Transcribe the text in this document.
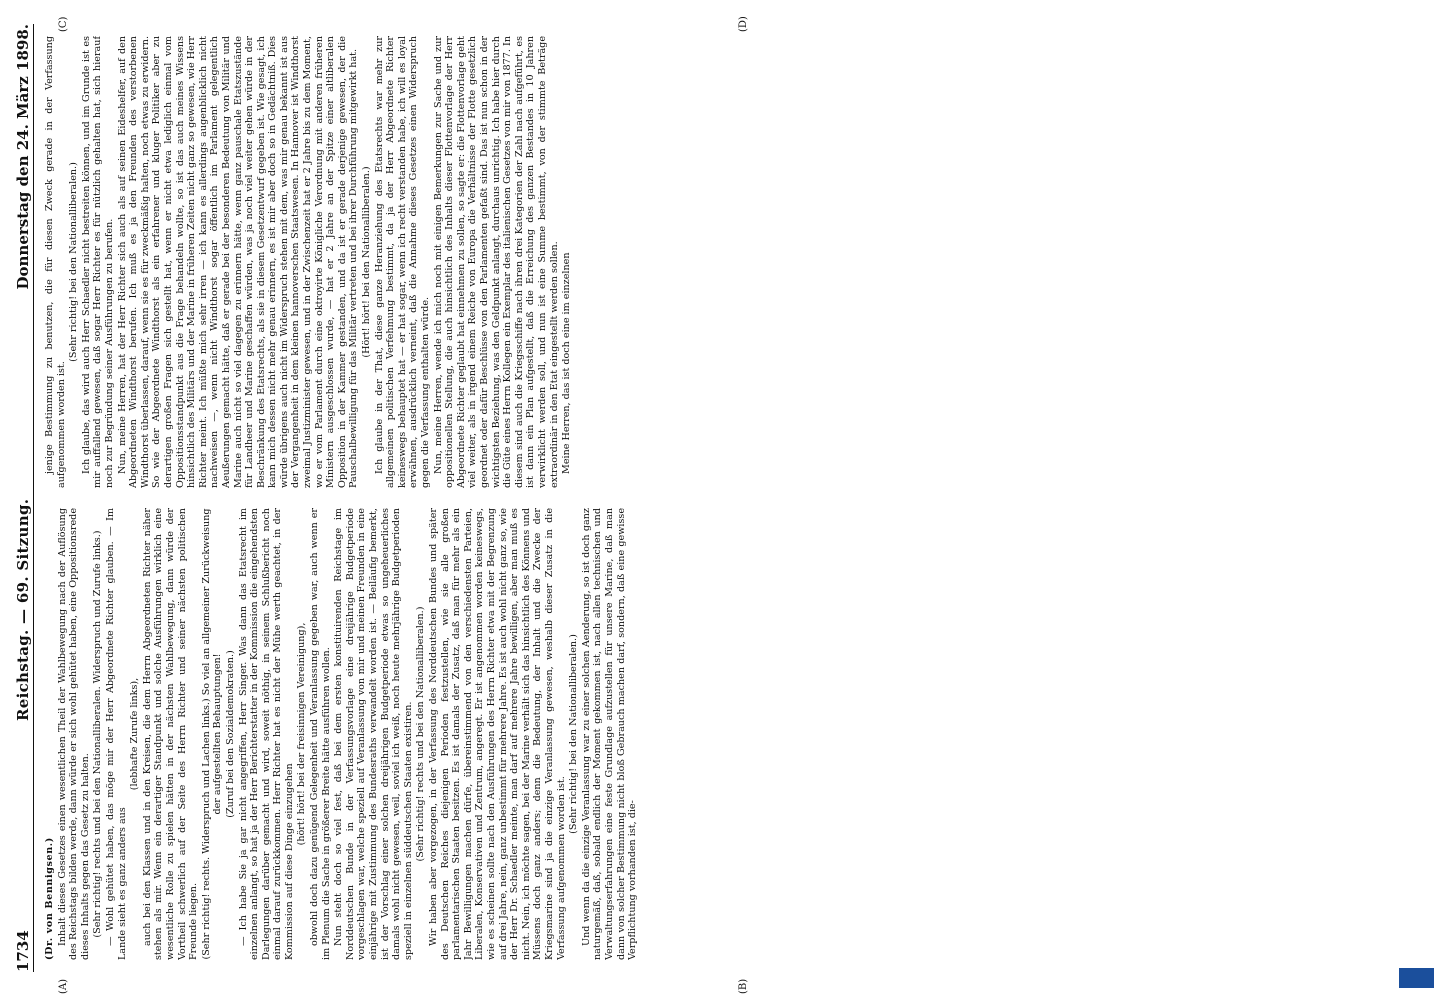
1734
Reichstag. — 69. Sitzung.
Donnerstag den 24. März 1898.
(A)	(B)
(C)	(D)

(Dr. von Bennigsen.) Inhalt dieses Gesetzes einen wesentlichen Theil der Wahlbewegung nach der Auflösung des Reichstags bilden werde, dann würde er sich wohl gehütet haben, eine Oppositionsrede dieses Inhalts gegen das Gesetz zu halten. (Sehr richtig! rechts und bei den Nationalliberalen. Widerspruch und Zurufe links.) — Wohl gehütet haben, das möge mir der Herr Abgeordnete Richter glauben. — Im Lande sieht es ganz anders aus

(lebhafte Zurufe links), auch bei den Klassen und in den Kreisen, die dem Herrn Abgeordneten Richter näher stehen als mir. Wenn ein derartiger Standpunkt und solche Ausführungen wirklich eine wesentliche Rolle zu spielen hätten in der nächsten Wahlbewegung, dann würde der Vortheil schwerlich auf der Seite des Herrn Richter und seiner nächsten politischen Freunde liegen. (Sehr richtig! rechts. Widerspruch und Lachen links.) So viel an allgemeiner Zurückweisung der aufgestellten Behauptungen! (Zuruf bei den Sozialdemokraten.) — Ich habe Sie ja gar nicht angegriffen, Herr Singer. Was dann das Etatsrecht im einzelnen anlangt, so hat ja der Herr Berichterstatter in der Kommission die eingehendsten Darlegungen darüber gemacht und wird, soweit nöthig, in seinem Schlußbericht noch einmal darauf zurückkommen. Herr Richter hat es nicht der Mühe werth geachtet, in der Kommission auf diese Dinge einzugehen

(hört! hört! bei der freisinnigen Vereinigung), obwohl doch dazu genügend Gelegenheit und Veranlassung gegeben war, auch wenn er im Plenum die Sache in größerer Breite hätte ausführen wollen. Nun steht doch so viel fest, daß bei dem ersten konstituirenden Reichstage im Norddeutschen Bunde in der Verfassungsvorlage eine dreijährige Budgetperiode vorgeschlagen war, welche speziell auf Veranlassung von mir und meinen Freunden in eine einjährige mit Zustimmung des Bundesraths verwandelt worden ist. — Beiläufig bemerkt, ist der Vorschlag einer solchen dreijährigen Budgetperiode etwas so ungeheuerliches damals wohl nicht gewesen, weil, soviel ich weiß, noch heute mehrjährige Budgetperioden speziell in einzelnen süddeutschen Staaten existiren. (Sehr richtig! rechts und bei den Nationalliberalen.) Wir haben aber vorgezogen, in der Verfassung des Norddeutschen Bundes und später des Deutschen Reiches diejenigen Perioden festzustellen, wie sie alle großen parlamentarischen Staaten besitzen. Es ist damals der Zusatz, daß man für mehr als ein Jahr Bewilligungen machen dürfe, übereinstimmend von den verschiedensten Parteien, Liberalen, Konservativen und Zentrum, angeregt. Er ist angenommen worden keineswegs, wie es scheinen sollte nach den Ausführungen des Herrn Richter etwa mit der Begrenzung auf drei Jahre, nein, ganz unbestimmt für mehrere Jahre. Es ist auch wohl nicht ganz so, wie der Herr Dr. Schaedler meinte, man darf auf mehrere Jahre bewilligen, aber man muß es nicht. Nein, ich möchte sagen, bei der Marine verhält sich das hinsichtlich des Könnens und Müssens doch ganz anders; denn die Bedeutung, der Inhalt und die Zwecke der Kriegsmarine sind ja die einzige Veranlassung gewesen, weshalb dieser Zusatz in die Verfassung aufgenommen worden ist.

(Sehr richtig! bei den Nationalliberalen.) Und wenn da die einzige Veranlassung war zu einer solchen Aenderung, so ist doch ganz naturgemäß, daß, sobald endlich der Moment gekommen ist, nach allen technischen und Verwaltungserfahrungen eine feste Grundlage aufzustellen für unsere Marine, daß man dann von solcher Bestimmung nicht bloß Gebrauch machen darf, sondern, daß eine gewisse Verpflichtung vorhanden ist, die-

jenige Bestimmung zu benutzen, die für diesen Zweck gerade in der Verfassung aufgenommen worden ist.

(Sehr richtig! bei den Nationalliberalen.) Ich glaube, das wird auch Herr Schaedler nicht bestreiten können, und im Grunde ist es mir auffallend gewesen, daß sogar Herr Richter es für nützlich gehalten hat, sich hierauf noch zur Begründung seiner Ausführungen zu berufen. Nun, meine Herren, hat der Herr Richter sich auch als auf seinen Eideshelfer, auf den Abgeordneten Windthorst berufen. Ich muß es ja den Freunden des verstorbenen Windthorst überlassen, darauf, wenn sie es für zweckmäßig halten, noch etwas zu erwidern. So wie der Abgeordnete Windthorst als ein erfahrener und kluger Politiker aber zu derartigen großen Fragen sich gestellt hat, wenn er nicht etwa lediglich einmal vom Oppositionsstandpunkt aus die Frage behandeln wollte, so ist das auch meines Wissens hinsichtlich des Militärs und der Marine in früheren Zeiten nicht ganz so gewesen, wie Herr Richter meint. Ich müßte mich sehr irren — ich kann es allerdings augenblicklich nicht nachweisen —, wenn nicht Windthorst sogar öffentlich im Parlament gelegentlich Aeußerungen gemacht hätte, daß er gerade bei der besonderen Bedeutung von Militär und Marine auch nicht so viel dagegen zu erinnern hätte, wenn ganz pauschale Etatszustände für Landheer und Marine geschaffen würden, was ja noch viel weiter gehen würde in der Beschränkung des Etatsrechts, als sie in diesem Gesetzentwurf gegeben ist. Wie gesagt, ich kann mich dessen nicht mehr genau erinnern, es ist mir aber doch so in Gedächtniß. Dies würde übrigens auch nicht im Widerspruch stehen mit dem, was mir genau bekannt ist aus der Vergangenheit in dem kleinen hannoverschen Staatswesen. In Hannover ist Windthorst zweimal Justizminister gewesen, und in der Zwischenzeit hat er 2 Jahre bis zu dem Moment, wo er vom Parlament durch eine oktroyirte Königliche Verordnung mit anderen früheren Ministern ausgeschlossen wurde, — hat er 2 Jahre an der Spitze einer altliberalen Opposition in der Kammer gestanden, und da ist er gerade derjenige gewesen, der die Pauschalbewilligung für das Militär vertreten und bei ihrer Durchführung mitgewirkt hat. (Hört! hört! bei den Nationalliberalen.) Ich glaube in der That, diese ganze Heranziehung des Etatsrechts war mehr zur allgemeinen politischen Verfehmung bestimmt, da ja der Herr Abgeordnete Richter keineswegs behauptet hat — er hat sogar, wenn ich recht verstanden habe, ich will es loyal erwähnen, ausdrücklich verneint, daß die Annahme dieses Gesetzes einen Widerspruch gegen die Verfassung enthalten würde. Nun, meine Herren, wende ich mich noch mit einigen Bemerkungen zur Sache und zur oppositionellen Stellung, die auch hinsichtlich des Inhalts dieser Flottenvorlage der Herr Abgeordnete Richter geglaubt hat einnehmen zu sollen, so sagte er: die Flottenvorlage geht viel weiter, als in irgend einem Reiche von Europa die Verhältnisse der Flotte gesetzlich geordnet oder dafür Beschlüsse von den Parlamenten gefaßt sind. Das ist nun schon in der wichtigsten Beziehung, was den Geldpunkt anlangt, durchaus unrichtig. Ich habe hier durch die Güte eines Herrn Kollegen ein Exemplar des italienischen Gesetzes von mir von 1877. In diesem sind auch die Kriegsschiffe nach ihren drei Kategorien der Zahl nach aufgeführt, es ist dann ein Plan aufgestellt, daß die Erreichung des ganzen Bestandes in 10 Jahren verwirklicht werden soll, und nun ist eine Summe bestimmt, von der stimmte Beträge extraordinär in den Etat eingestellt werden sollen. Meine Herren, das ist doch eine im einzelnen
